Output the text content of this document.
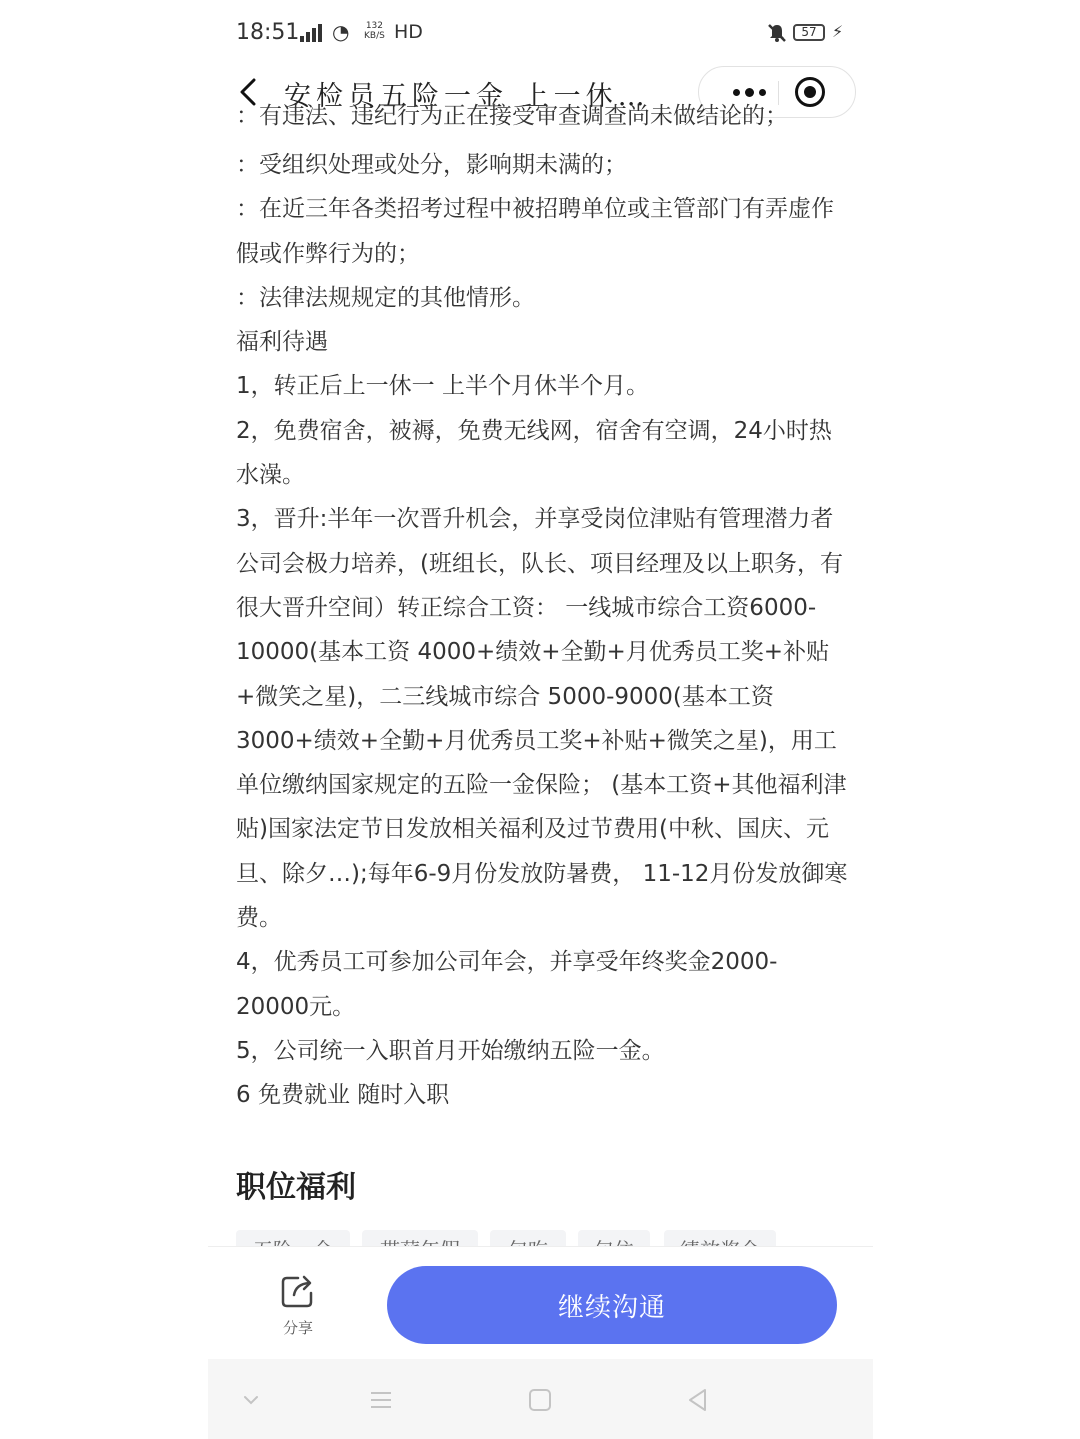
18:51 ◔ 132
KB/S HD	57 ⚡
安检员五险一金 上一休…
：有违法、违纪行为正在接受审查调查尚未做结论的；

：受组织处理或处分，影响期未满的；

：在近三年各类招考过程中被招聘单位或主管部门有弄虚作假或作弊行为的；

：法律法规规定的其他情形。

福利待遇

1，转正后上一休一 上半个月休半个月。

2，免费宿舍，被褥，免费无线网，宿舍有空调，24小时热水澡。

3，晋升:半年一次晋升机会，并享受岗位津贴有管理潜力者公司会极力培养，(班组长，队长、项目经理及以上职务，有很大晋升空间）转正综合工资： 一线城市综合工资6000-10000(基本工资 4000+绩效+全勤+月优秀员工奖+补贴+微笑之星)，二三线城市综合 5000-9000(基本工资3000+绩效+全勤+月优秀员工奖+补贴+微笑之星)，用工单位缴纳国家规定的五险一金保险； (基本工资+其他福利津贴)国家法定节日发放相关福利及过节费用(中秋、国庆、元旦、除夕…);每年6-9月份发放防暑费， 11-12月份发放御寒费。

4，优秀员工可参加公司年会，并享受年终奖金2000-20000元。

5，公司统一入职首月开始缴纳五险一金。

6 免费就业 随时入职

职位福利
分享
继续沟通
